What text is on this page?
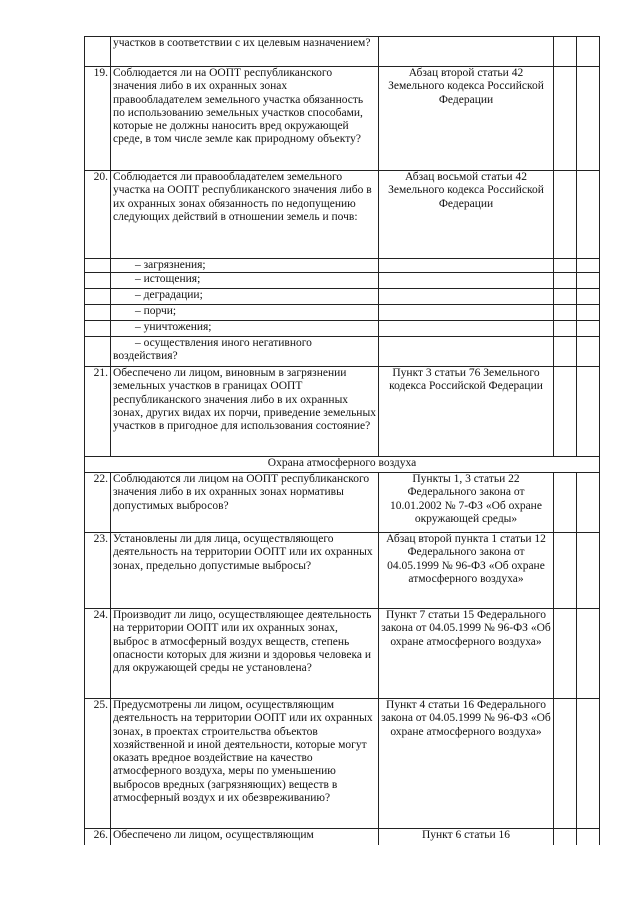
	участков в соответствии с их целевым назначением?			
19.	Соблюдается ли на ООПТ республиканского значения либо в их охранных зонах правообладателем земельного участка обязанность по использованию земельных участков способами, которые не должны наносить вред окружающей среде, в том числе земле как природному объекту?	Абзац второй статьи 42 Земельного кодекса Российской Федерации		
20.	Соблюдается ли правообладателем земельного участка на ООПТ республиканского значения либо в их охранных зонах обязанность по недопущению следующих действий в отношении земель и почв:	Абзац восьмой статьи 42 Земельного кодекса Российской Федерации		

	– загрязнения;			

	– истощения;			

	– деградации;			

	– порчи;			

	– уничтожения;			

	– осуществления иного негативного воздействия?			
21.	Обеспечено ли лицом, виновным в загрязнении земельных участков в границах ООПТ республиканского значения либо в их охранных зонах, других видах их порчи, приведение земельных участков в пригодное для использования состояние?	Пункт 3 статьи 76 Земельного кодекса Российской Федерации		
Охрана атмосферного воздуха				
22.	Соблюдаются ли лицом на ООПТ республиканского значения либо в их охранных зонах нормативы допустимых выбросов?	Пункты 1, 3 статьи 22 Федерального закона от 10.01.2002 № 7-ФЗ «Об охране окружающей среды»		
23.	Установлены ли для лица, осуществляющего деятельность на территории ООПТ или их охранных зонах, предельно допустимые выбросы?	Абзац второй пункта 1 статьи 12 Федерального закона от 04.05.1999 № 96-ФЗ «Об охране атмосферного воздуха»		
24.	Производит ли лицо, осуществляющее деятельность на территории ООПТ или их охранных зонах, выброс в атмосферный воздух веществ, степень опасности которых для жизни и здоровья человека и для окружающей среды не установлена?	Пункт 7 статьи 15 Федерального закона от 04.05.1999 № 96-ФЗ «Об охране атмосферного воздуха»		
25.	Предусмотрены ли лицом, осуществляющим деятельность на территории ООПТ или их охранных зонах, в проектах строительства объектов хозяйственной и иной деятельности, которые могут оказать вредное воздействие на качество атмосферного воздуха, меры по уменьшению выбросов вредных (загрязняющих) веществ в атмосферный воздух и их обезвреживанию?	Пункт 4 статьи 16 Федерального закона от 04.05.1999 № 96-ФЗ «Об охране атмосферного воздуха»		
26.	Обеспечено ли лицом, осуществляющим	Пункт 6 статьи 16		
